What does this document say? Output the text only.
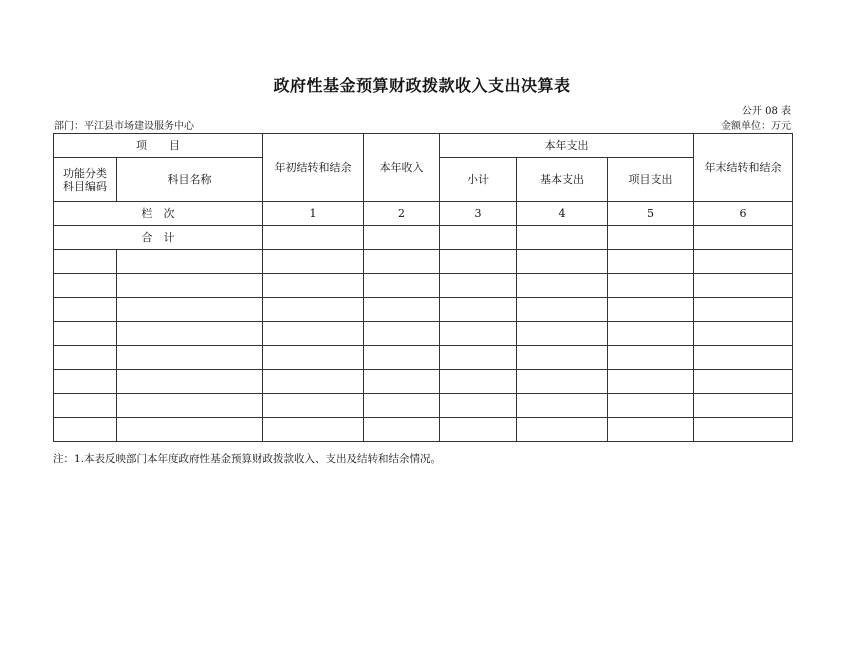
政府性基金预算财政拨款收入支出决算表
公开 08 表
部门：平江县市场建设服务中心	金额单位：万元
项　　目		年初结转和结余	本年收入	本年支出			年末结转和结余

功能分类
科目编码	科目名称			小计	基本支出	项目支出	
栏　次		1	2	3	4	5	6
合　计							

注：1.本表反映部门本年度政府性基金预算财政拨款收入、支出及结转和结余情况。
